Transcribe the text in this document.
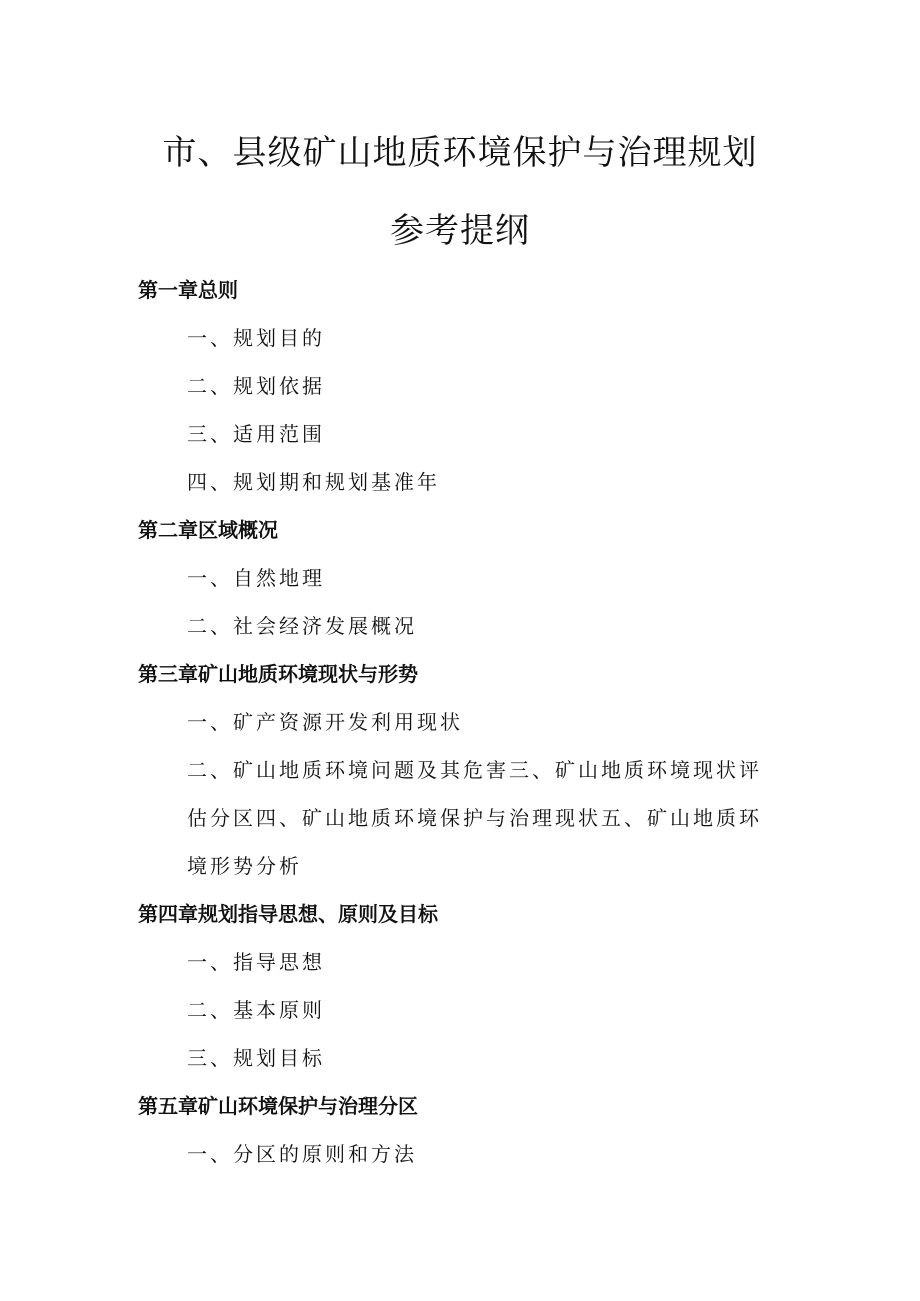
市、县级矿山地质环境保护与治理规划
参考提纲

第一章总则

一、规划目的

二、规划依据

三、适用范围

四、规划期和规划基准年

第二章区域概况

一、自然地理

二、社会经济发展概况

第三章矿山地质环境现状与形势

一、矿产资源开发利用现状

二、矿山地质环境问题及其危害三、矿山地质环境现状评估分区四、矿山地质环境保护与治理现状五、矿山地质环境形势分析

第四章规划指导思想、原则及目标

一、指导思想

二、基本原则

三、规划目标

第五章矿山环境保护与治理分区

一、分区的原则和方法
